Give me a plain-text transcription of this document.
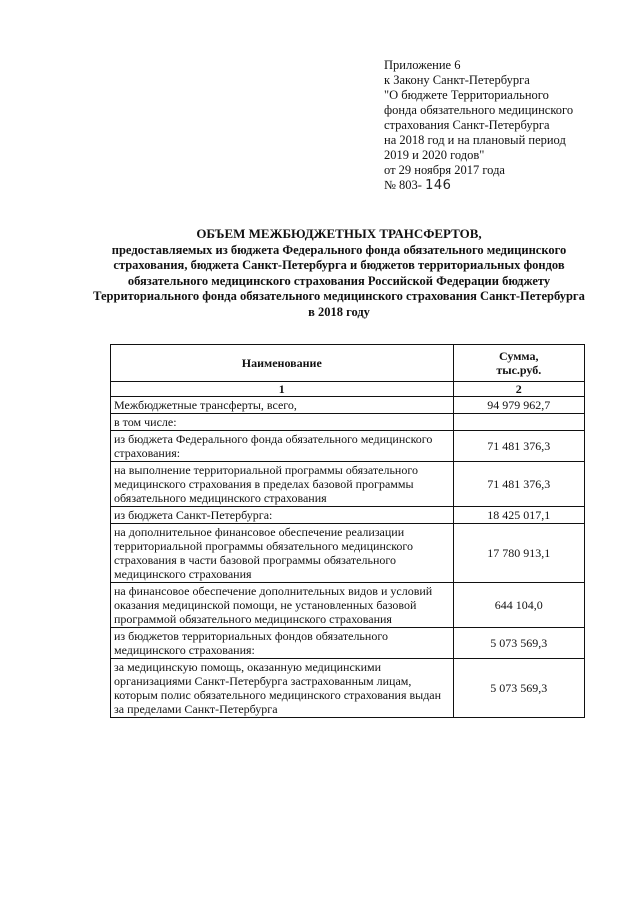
Приложение 6
к Закону Санкт-Петербурга
"О бюджете Территориального
фонда обязательного медицинского
страхования Санкт-Петербурга
на 2018 год и на плановый период
2019 и 2020 годов"
от 29 ноября 2017 года
№ 803- 146
ОБЪЕМ МЕЖБЮДЖЕТНЫХ ТРАНСФЕРТОВ,
предоставляемых из бюджета Федерального фонда обязательного медицинского
страхования, бюджета Санкт-Петербурга и бюджетов территориальных фондов
обязательного медицинского страхования Российской Федерации бюджету
Территориального фонда обязательного медицинского страхования Санкт-Петербурга
в 2018 году
Наименование	Сумма,
тыс.руб.
1	2
Межбюджетные трансферты, всего,	94 979 962,7
в том числе:	
из бюджета Федерального фонда обязательного медицинского страхования:	71 481 376,3
на выполнение территориальной программы обязательного медицинского страхования в пределах базовой программы обязательного медицинского страхования	71 481 376,3
из бюджета Санкт-Петербурга:	18 425 017,1
на дополнительное финансовое обеспечение реализации территориальной программы обязательного медицинского страхования в части базовой программы обязательного медицинского страхования	17 780 913,1
на финансовое обеспечение дополнительных видов и условий оказания медицинской помощи, не установленных базовой программой обязательного медицинского страхования	644 104,0
из бюджетов территориальных фондов обязательного медицинского страхования:	5 073 569,3
за медицинскую помощь, оказанную медицинскими организациями Санкт-Петербурга застрахованным лицам, которым полис обязательного медицинского страхования выдан за пределами Санкт-Петербурга	5 073 569,3
